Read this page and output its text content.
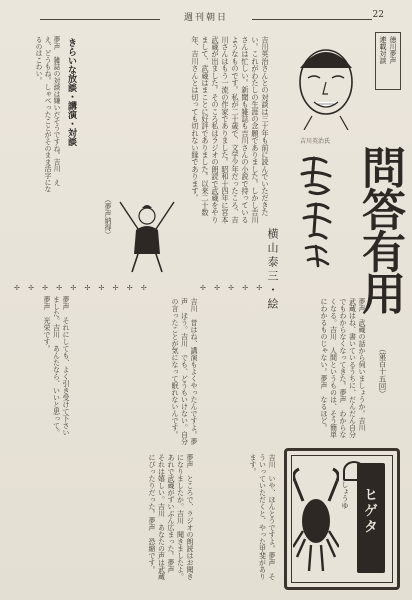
週刊朝日	22
吉川英治さんとの対談は三十年も前に読んでいただきたい。これがわたしの生涯の念願でありました。しかし吉川さんは忙しい。新聞も雑誌も吉川さんの小説で持っているようなものです。私が二十歳で、文学少年だったころ、吉川さんはもう一流の作家でありました。昭和十四年に宮本武蔵が出ました。そのころ私はラジオの朗読で武蔵をやりまして、武蔵はまことに好評でありました。以来二十数年、吉川さんとは切っても切れない縁であります。	吉川英治氏
徳川夢声
連載対談
問答有用
（第百十五回）
横山泰三・絵
きらいな放談・講演・対談
夢声　雑誌の対談は嫌いだそうですね。吉川　ええ、どうもね。しゃべったことがそのまま活字になるのはこわい。
（夢声納得）
✢ ✢ ✢ ✢ ✢ ✢ ✢ ✢ ✢ ✢	✢ ✢ ✢ ✢ ✢
夢声　それにしても、よく引き受けて下さいました。吉川　あんたなら、いいと思って。夢声　光栄です。	吉川　昔はね、講演もよくやったんですよ。夢声　ほう。吉川　でも、どうもいけない。自分の言ったことが気になって眠れないんです。	夢声　武蔵の話から伺いましょうか。吉川　武蔵はね、書いているうちに、だんだん自分でもわからなくなってきた。夢声　わからなくなる。吉川　人間というものは、そう簡単にわかるものじゃない。夢声　なるほど。
夢声　ところで、ラジオの朗読はお聞きになりましたか。吉川　聞きましたよ。あれで武蔵がずいぶん広まった。夢声　それは嬉しい。吉川　あなたの声は武蔵にぴったりだった。夢声　恐縮です。	吉川　いや、ほんとうですよ。夢声　そういっていただくと、やった甲斐があります。
しょうゆ ヒゲタ
